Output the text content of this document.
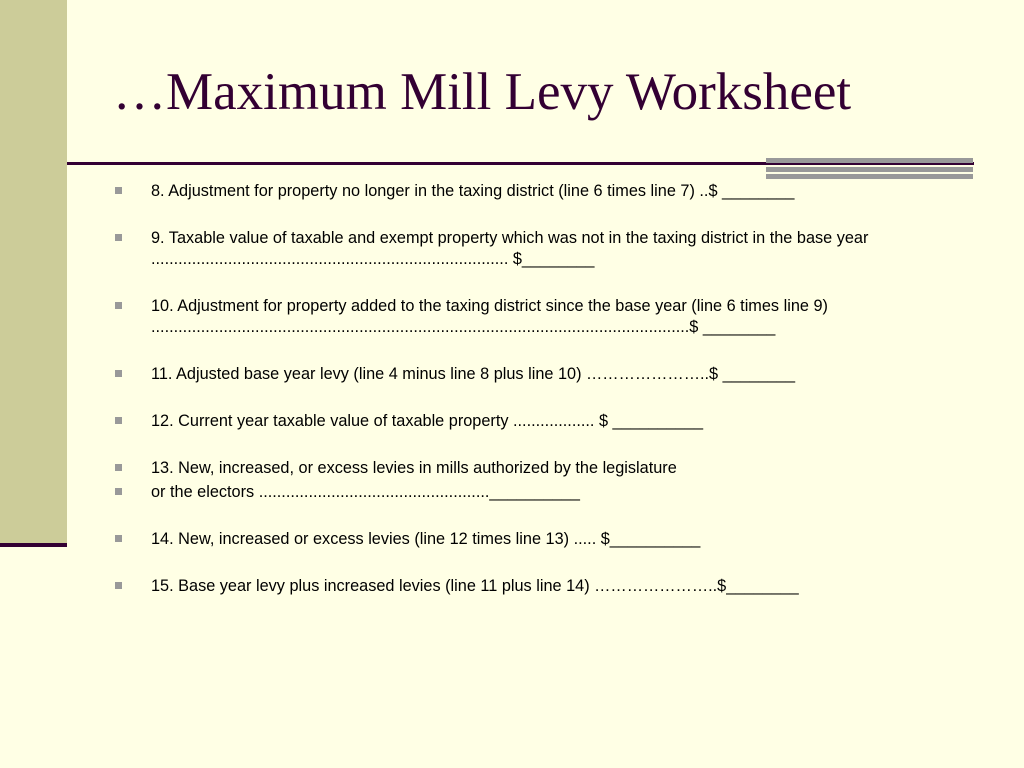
…Maximum Mill Levy Worksheet
8. Adjustment for property no longer in the taxing district (line 6 times line 7) ..$ ________
9. Taxable value of taxable and exempt property which was not in the taxing district in the base year ............................................................................... $________
10. Adjustment for property added to the taxing district since the base year (line 6 times line 9) .......................................................................................................................$ ________
11. Adjusted base year levy (line 4 minus line 8 plus line 10) …………………..$ ________
12. Current year taxable value of taxable property .................. $ __________
13. New, increased, or excess levies in mills authorized by the legislature
or the electors ...................................................__________
14. New, increased or excess levies (line 12 times line 13) ..... $__________
15. Base year levy plus increased levies (line 11 plus line 14) …………………..$________
